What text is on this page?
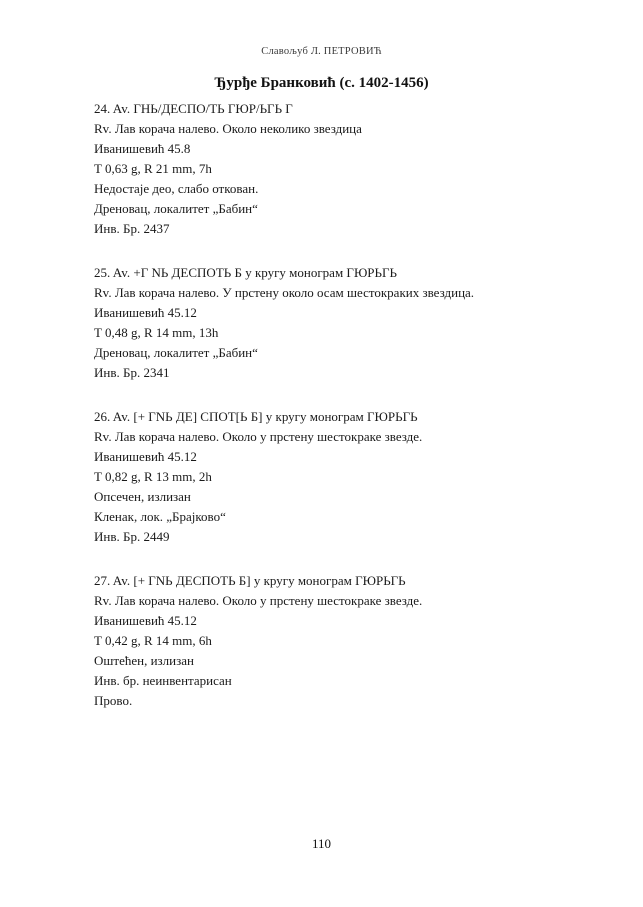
Славољуб Л. ПЕТРОВИЋ
Ђурђе Бранковић (с. 1402-1456)
24. Av. ГНЬ/ДЕСПО/ТЬ ГЮР/ЬГЬ Г
Rv. Лав корача налево. Около неколико звездица
Иванишевић 45.8
T 0,63 g, R 21 mm, 7h
Недостаје део, слабо откован.
Дреновац, локалитет „Бабин“
Инв. Бр. 2437
25. Av. +Г NЬ ДЕСПОТЬ Б у кругу монограм ГЮРЬГЬ
Rv. Лав корача налево. У прстену около осам шестокраких звездица.
Иванишевић 45.12
T 0,48 g, R 14 mm, 13h
Дреновац, локалитет „Бабин“
Инв. Бр. 2341
26. Av. [+ ГNЬ ДЕ] СПОТ[Ь Б] у кругу монограм ГЮРЬГЬ
Rv. Лав корача налево. Около у прстену шестокраке звезде.
Иванишевић 45.12
T 0,82 g, R 13 mm, 2h
Опсечен, излизан
Кленак, лок. „Брајково“
Инв. Бр. 2449
27. Av. [+ ГNЬ ДЕСПОТЬ Б] у кругу монограм ГЮРЬГЬ
Rv. Лав корача налево. Около у прстену шестокраке звезде.
Иванишевић 45.12
T 0,42 g, R 14 mm, 6h
Оштећен, излизан
Инв. бр. неинвентарисан
Прово.
110
